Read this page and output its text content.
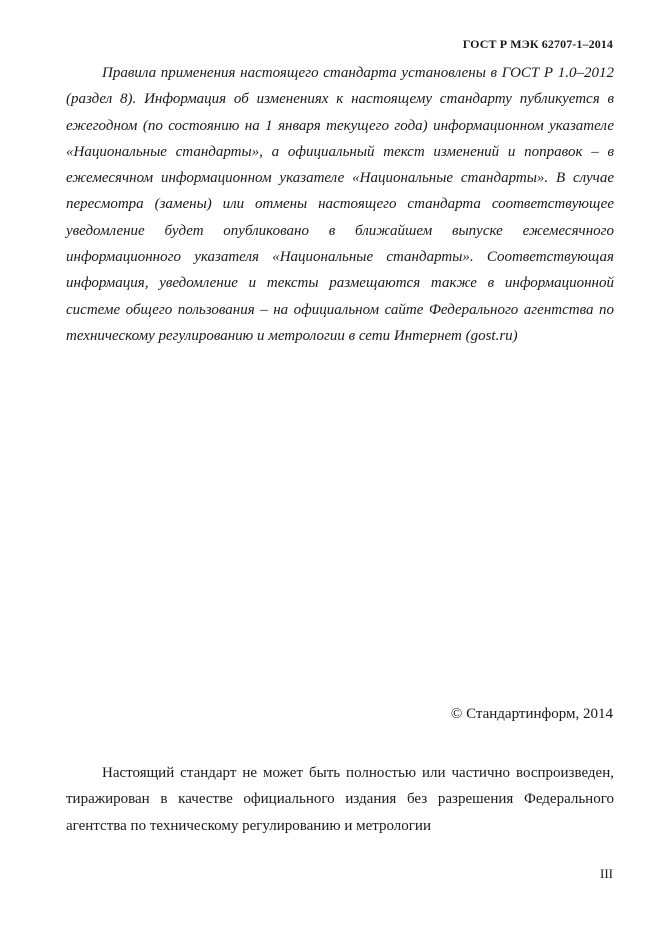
ГОСТ Р МЭК 62707-1–2014

Правила применения настоящего стандарта установлены в ГОСТ Р 1.0–2012 (раздел 8). Информация об изменениях к настоящему стандарту публикуется в ежегодном (по состоянию на 1 января текущего года) информационном указателе «Национальные стандарты», а официальный текст изменений и поправок – в ежемесячном информационном указателе «Национальные стандарты». В случае пересмотра (замены) или отмены настоящего стандарта соответствующее уведомление будет опубликовано в ближайшем выпуске ежемесячного информационного указателя «Национальные стандарты». Соответствующая информация, уведомление и тексты размещаются также в информационной системе общего пользования – на официальном сайте Федерального агентства по техническому регулированию и метрологии в сети Интернет (gost.ru)

© Стандартинформ, 2014

Настоящий стандарт не может быть полностью или частично воспроизведен, тиражирован в качестве официального издания без разрешения Федерального агентства по техническому регулированию и метрологии

III
